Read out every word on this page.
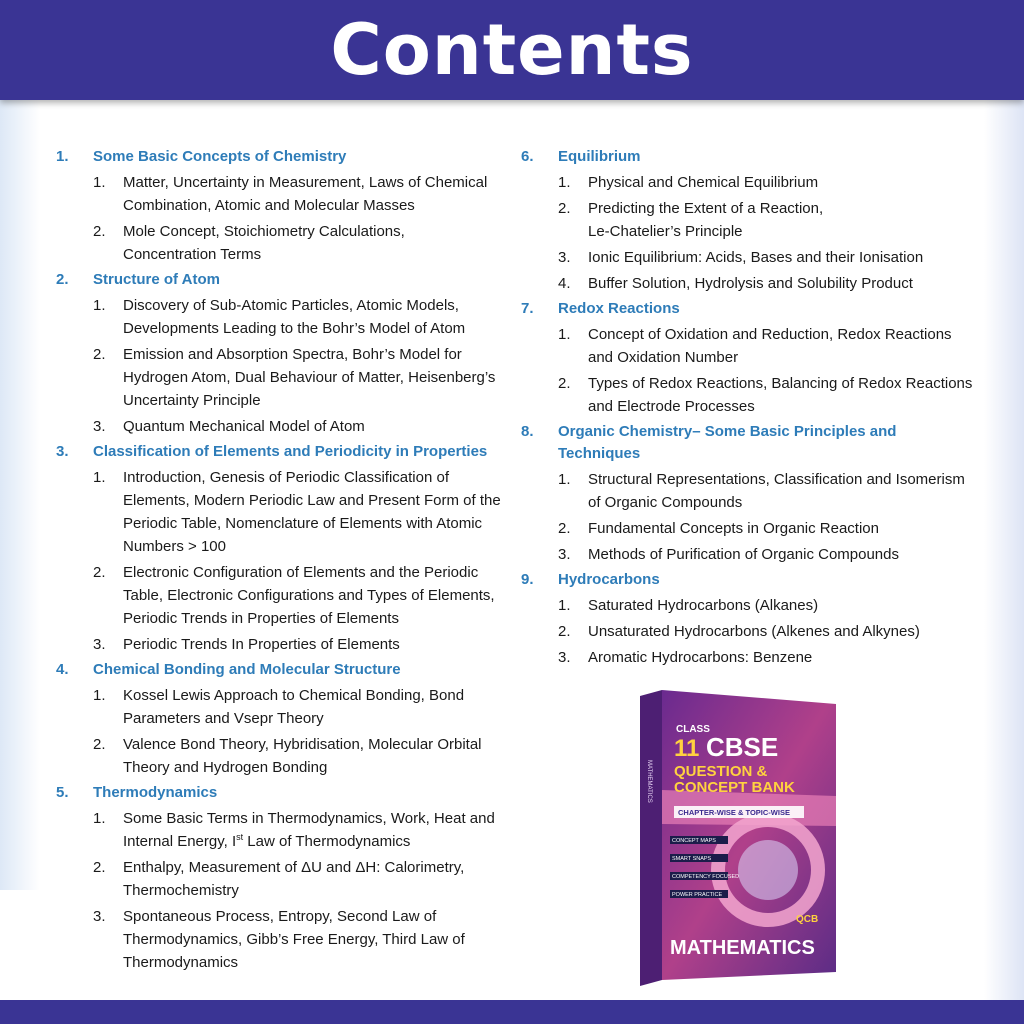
Contents
1.	Some Basic Concepts of Chemistry
1.	Matter, Uncertainty in Measurement, Laws of Chemical
Combination, Atomic and Molecular Masses
2.	Mole Concept, Stoichiometry Calculations,
Concentration Terms
2.	Structure of Atom
1.	Discovery of Sub-Atomic Particles, Atomic Models,
Developments Leading to the Bohr’s Model of Atom
2.	Emission and Absorption Spectra, Bohr’s Model for
Hydrogen Atom, Dual Behaviour of Matter, Heisenberg’s
Uncertainty Principle
3.	Quantum Mechanical Model of Atom
3.	Classification of Elements and Periodicity in Properties
1.	Introduction, Genesis of Periodic Classification of
Elements, Modern Periodic Law and Present Form of the
Periodic Table, Nomenclature of Elements with Atomic
Numbers > 100
2.	Electronic Configuration of Elements and the Periodic
Table, Electronic Configurations and Types of Elements,
Periodic Trends in Properties of Elements
3.	Periodic Trends In Properties of Elements
4.	Chemical Bonding and Molecular Structure
1.	Kossel Lewis Approach to Chemical Bonding, Bond
Parameters and Vsepr Theory
2.	Valence Bond Theory, Hybridisation, Molecular Orbital
Theory and Hydrogen Bonding
5.	Thermodynamics
1.	Some Basic Terms in Thermodynamics, Work, Heat and
Internal Energy, Ist Law of Thermodynamics
2.	Enthalpy, Measurement of ΔU and ΔH: Calorimetry,
Thermochemistry
3.	Spontaneous Process, Entropy, Second Law of
Thermodynamics, Gibb’s Free Energy, Third Law of
Thermodynamics
6.	Equilibrium
1.	Physical and Chemical Equilibrium
2.	Predicting the Extent of a Reaction,
Le-Chatelier’s Principle
3.	Ionic Equilibrium: Acids, Bases and their Ionisation
4.	Buffer Solution, Hydrolysis and Solubility Product
7.	Redox Reactions
1.	Concept of Oxidation and Reduction, Redox Reactions
and Oxidation Number
2.	Types of Redox Reactions, Balancing of Redox Reactions
and Electrode Processes
8.	Organic Chemistry– Some Basic Principles and
Techniques
1.	Structural Representations, Classification and Isomerism
of Organic Compounds
2.	Fundamental Concepts in Organic Reaction
3.	Methods of Purification of Organic Compounds
9.	Hydrocarbons
1.	Saturated Hydrocarbons (Alkanes)
2.	Unsaturated Hydrocarbons (Alkenes and Alkynes)
3.	Aromatic Hydrocarbons: Benzene
CLASS
11 CBSE
QUESTION &
CONCEPT BANK
CHAPTER-WISE & TOPIC-WISE
CONCEPT MAPS
SMART SNAPS
COMPETENCY FOCUSED
POWER PRACTICE
QCB
MATHEMATICS
MATHEMATICS
